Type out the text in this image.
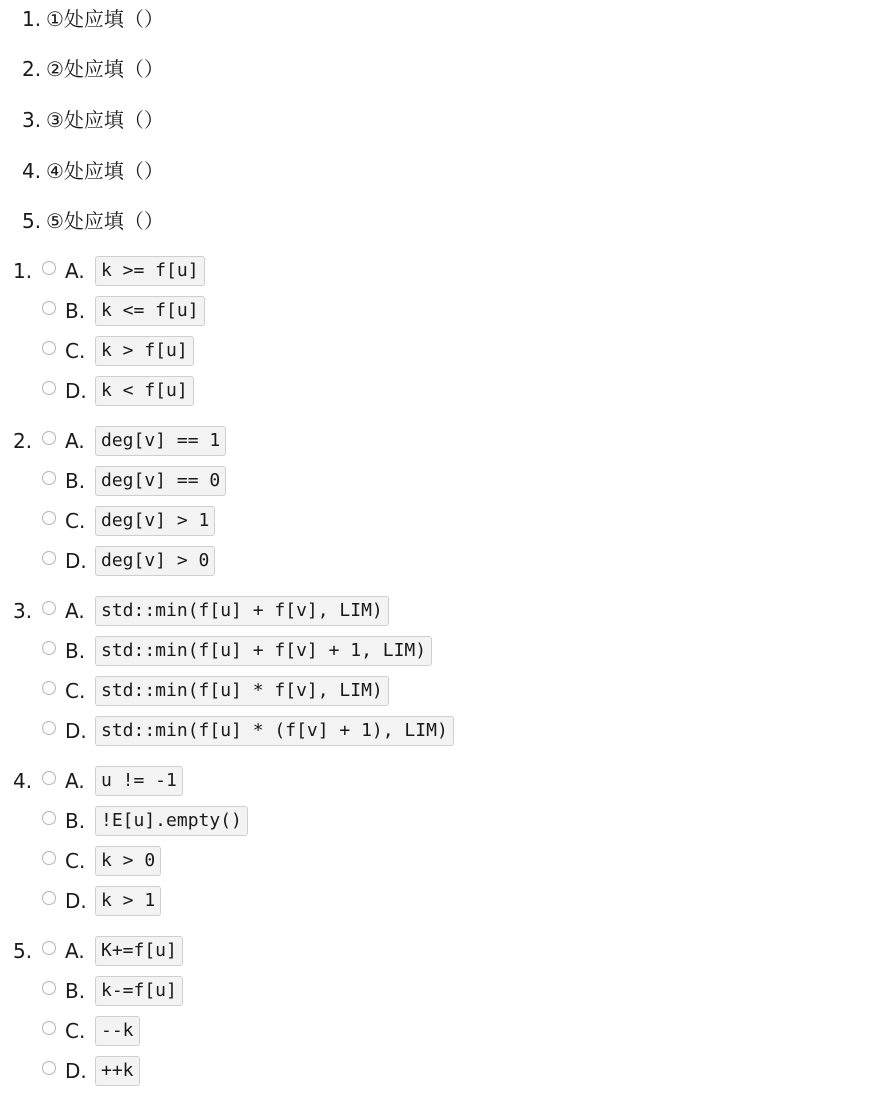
1. ①处应填（）
2. ②处应填（）
3. ③处应填（）
4. ④处应填（）
5. ⑤处应填（）
1. A. k >= f[u]
B. k <= f[u]
C. k > f[u]
D. k < f[u]
2. A. deg[v] == 1
B. deg[v] == 0
C. deg[v] > 1
D. deg[v] > 0
3. A. std::min(f[u] + f[v], LIM)
B. std::min(f[u] + f[v] + 1, LIM)
C. std::min(f[u] * f[v], LIM)
D. std::min(f[u] * (f[v] + 1), LIM)
4. A. u != -1
B. !E[u].empty()
C. k > 0
D. k > 1
5. A. K+=f[u]
B. k-=f[u]
C. --k
D. ++k
